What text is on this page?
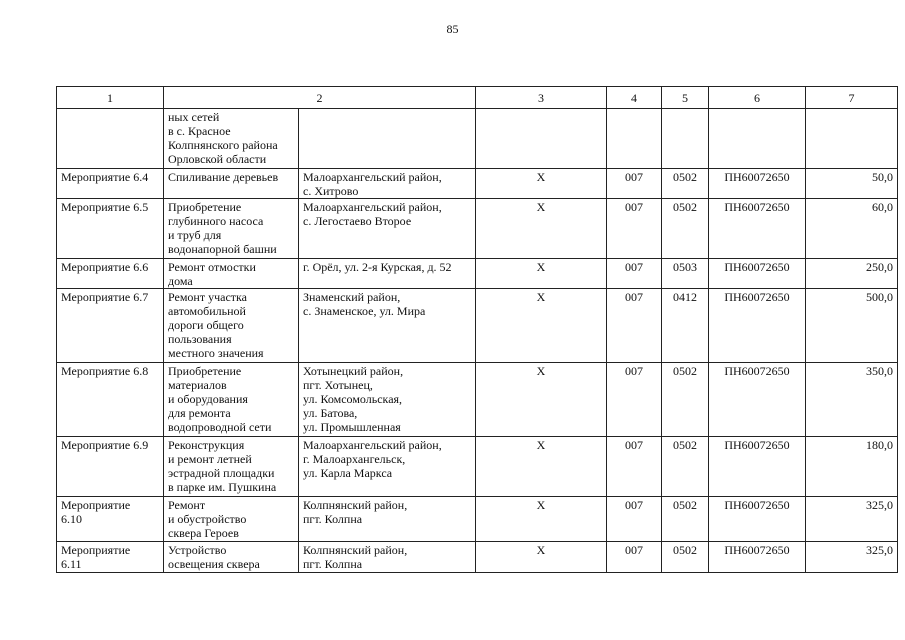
85
1	2		3	4	5	6	7
	ных сетей
в с. Красное
Колпнянского района
Орловской области						
Мероприятие 6.4	Спиливание деревьев	Малоархангельский район,
с. Хитрово	X	007	0502	ПН60072650	50,0
Мероприятие 6.5	Приобретение
глубинного насоса
и труб для
водонапорной башни	Малоархангельский район,
с. Легостаево Второе	X	007	0502	ПН60072650	60,0
Мероприятие 6.6	Ремонт отмостки
дома	г. Орёл, ул. 2-я Курская, д. 52	X	007	0503	ПН60072650	250,0
Мероприятие 6.7	Ремонт участка
автомобильной
дороги общего
пользования
местного значения	Знаменский район,
с. Знаменское, ул. Мира	X	007	0412	ПН60072650	500,0
Мероприятие 6.8	Приобретение
материалов
и оборудования
для ремонта
водопроводной сети	Хотынецкий район,
пгт. Хотынец,
ул. Комсомольская,
ул. Батова,
ул. Промышленная	X	007	0502	ПН60072650	350,0
Мероприятие 6.9	Реконструкция
и ремонт летней
эстрадной площадки
в парке им. Пушкина	Малоархангельский район,
г. Малоархангельск,
ул. Карла Маркса	X	007	0502	ПН60072650	180,0
Мероприятие
6.10	Ремонт
и обустройство
сквера Героев	Колпнянский район,
пгт. Колпна	X	007	0502	ПН60072650	325,0
Мероприятие
6.11	Устройство
освещения сквера	Колпнянский район,
пгт. Колпна	X	007	0502	ПН60072650	325,0
